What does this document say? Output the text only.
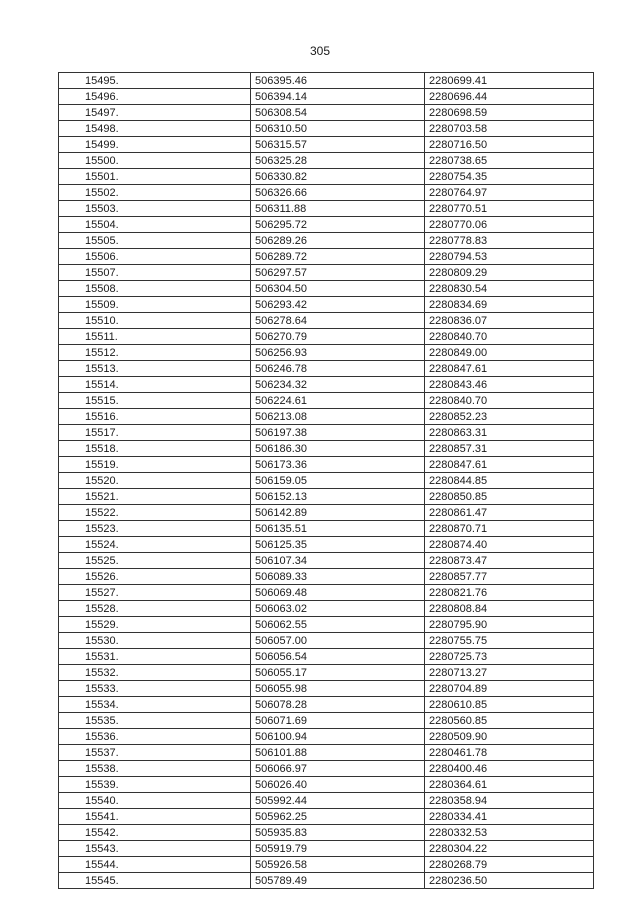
305
15495.	506395.46	2280699.41
15496.	506394.14	2280696.44
15497.	506308.54	2280698.59
15498.	506310.50	2280703.58
15499.	506315.57	2280716.50
15500.	506325.28	2280738.65
15501.	506330.82	2280754.35
15502.	506326.66	2280764.97
15503.	506311.88	2280770.51
15504.	506295.72	2280770.06
15505.	506289.26	2280778.83
15506.	506289.72	2280794.53
15507.	506297.57	2280809.29
15508.	506304.50	2280830.54
15509.	506293.42	2280834.69
15510.	506278.64	2280836.07
15511.	506270.79	2280840.70
15512.	506256.93	2280849.00
15513.	506246.78	2280847.61
15514.	506234.32	2280843.46
15515.	506224.61	2280840.70
15516.	506213.08	2280852.23
15517.	506197.38	2280863.31
15518.	506186.30	2280857.31
15519.	506173.36	2280847.61
15520.	506159.05	2280844.85
15521.	506152.13	2280850.85
15522.	506142.89	2280861.47
15523.	506135.51	2280870.71
15524.	506125.35	2280874.40
15525.	506107.34	2280873.47
15526.	506089.33	2280857.77
15527.	506069.48	2280821.76
15528.	506063.02	2280808.84
15529.	506062.55	2280795.90
15530.	506057.00	2280755.75
15531.	506056.54	2280725.73
15532.	506055.17	2280713.27
15533.	506055.98	2280704.89
15534.	506078.28	2280610.85
15535.	506071.69	2280560.85
15536.	506100.94	2280509.90
15537.	506101.88	2280461.78
15538.	506066.97	2280400.46
15539.	506026.40	2280364.61
15540.	505992.44	2280358.94
15541.	505962.25	2280334.41
15542.	505935.83	2280332.53
15543.	505919.79	2280304.22
15544.	505926.58	2280268.79
15545.	505789.49	2280236.50
